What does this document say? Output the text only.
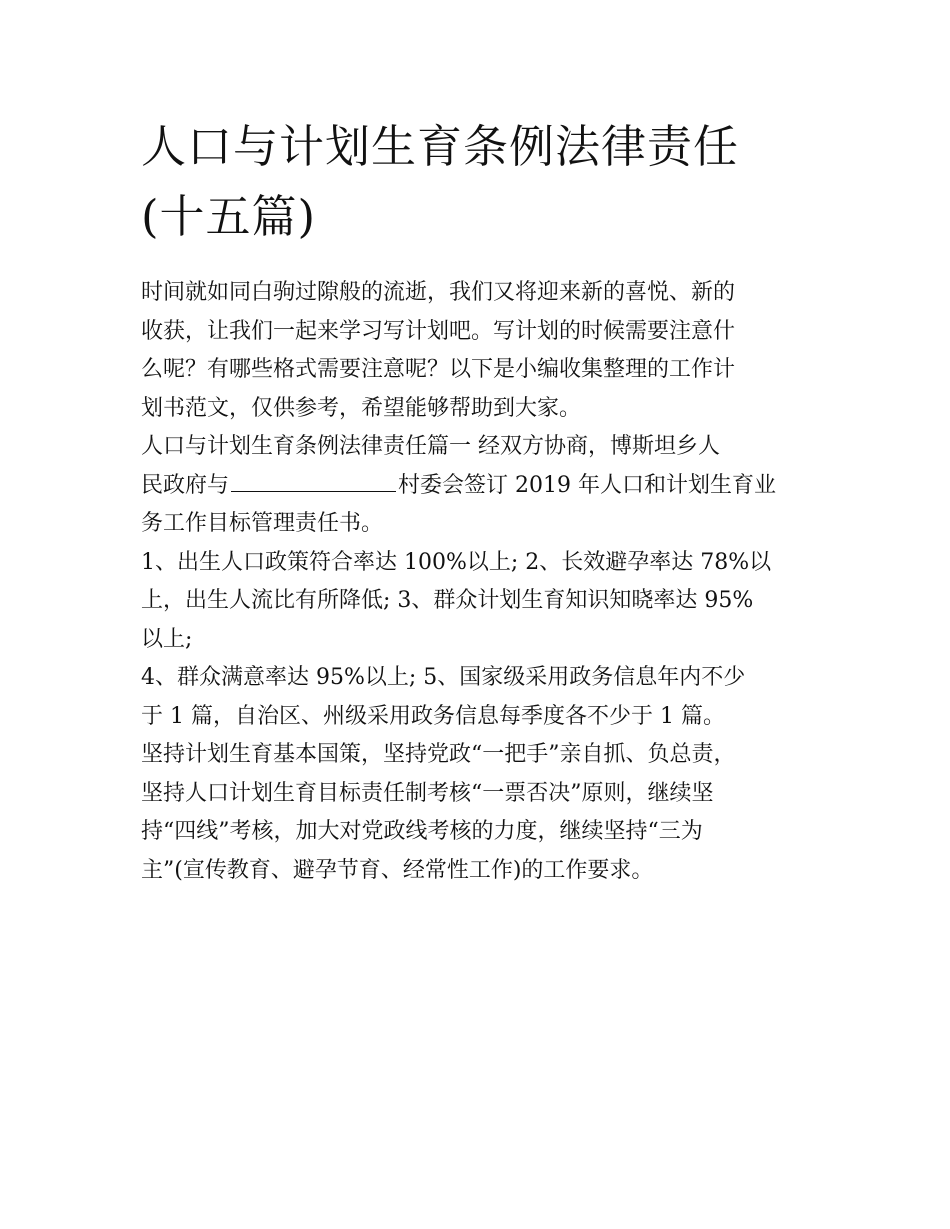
人口与计划生育条例法律责任
(十五篇)

时间就如同白驹过隙般的流逝，我们又将迎来新的喜悦、新的
收获，让我们一起来学习写计划吧。写计划的时候需要注意什
么呢？有哪些格式需要注意呢？以下是小编收集整理的工作计
划书范文，仅供参考，希望能够帮助到大家。

人口与计划生育条例法律责任篇一 经双方协商，博斯坦乡人
民政府与	村委会签订 2019 年人口和计划生育业
务工作目标管理责任书。

1、出生人口政策符合率达 100%以上; 2、长效避孕率达 78%以
上，出生人流比有所降低; 3、群众计划生育知识知晓率达 95%
以上;

4、群众满意率达 95%以上; 5、国家级采用政务信息年内不少
于 1 篇，自治区、州级采用政务信息每季度各不少于 1 篇。

坚持计划生育基本国策，坚持党政“一把手”亲自抓、负总责，
坚持人口计划生育目标责任制考核“一票否决”原则，继续坚
持“四线”考核，加大对党政线考核的力度，继续坚持“三为
主”(宣传教育、避孕节育、经常性工作)的工作要求。
